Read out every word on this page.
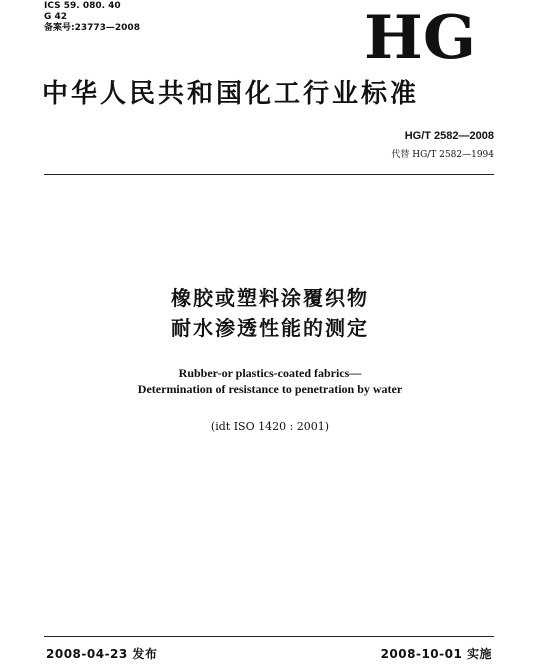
ICS 59. 080. 40
G 42
备案号:23773—2008	HG
中华人民共和国化工行业标准
HG/T 2582—2008
代替 HG/T 2582—1994
橡胶或塑料涂覆织物
耐水渗透性能的测定
Rubber-or plastics-coated fabrics—
Determination of resistance to penetration by water
(idt ISO 1420 : 2001)
2008-04-23 发布	2008-10-01 实施
